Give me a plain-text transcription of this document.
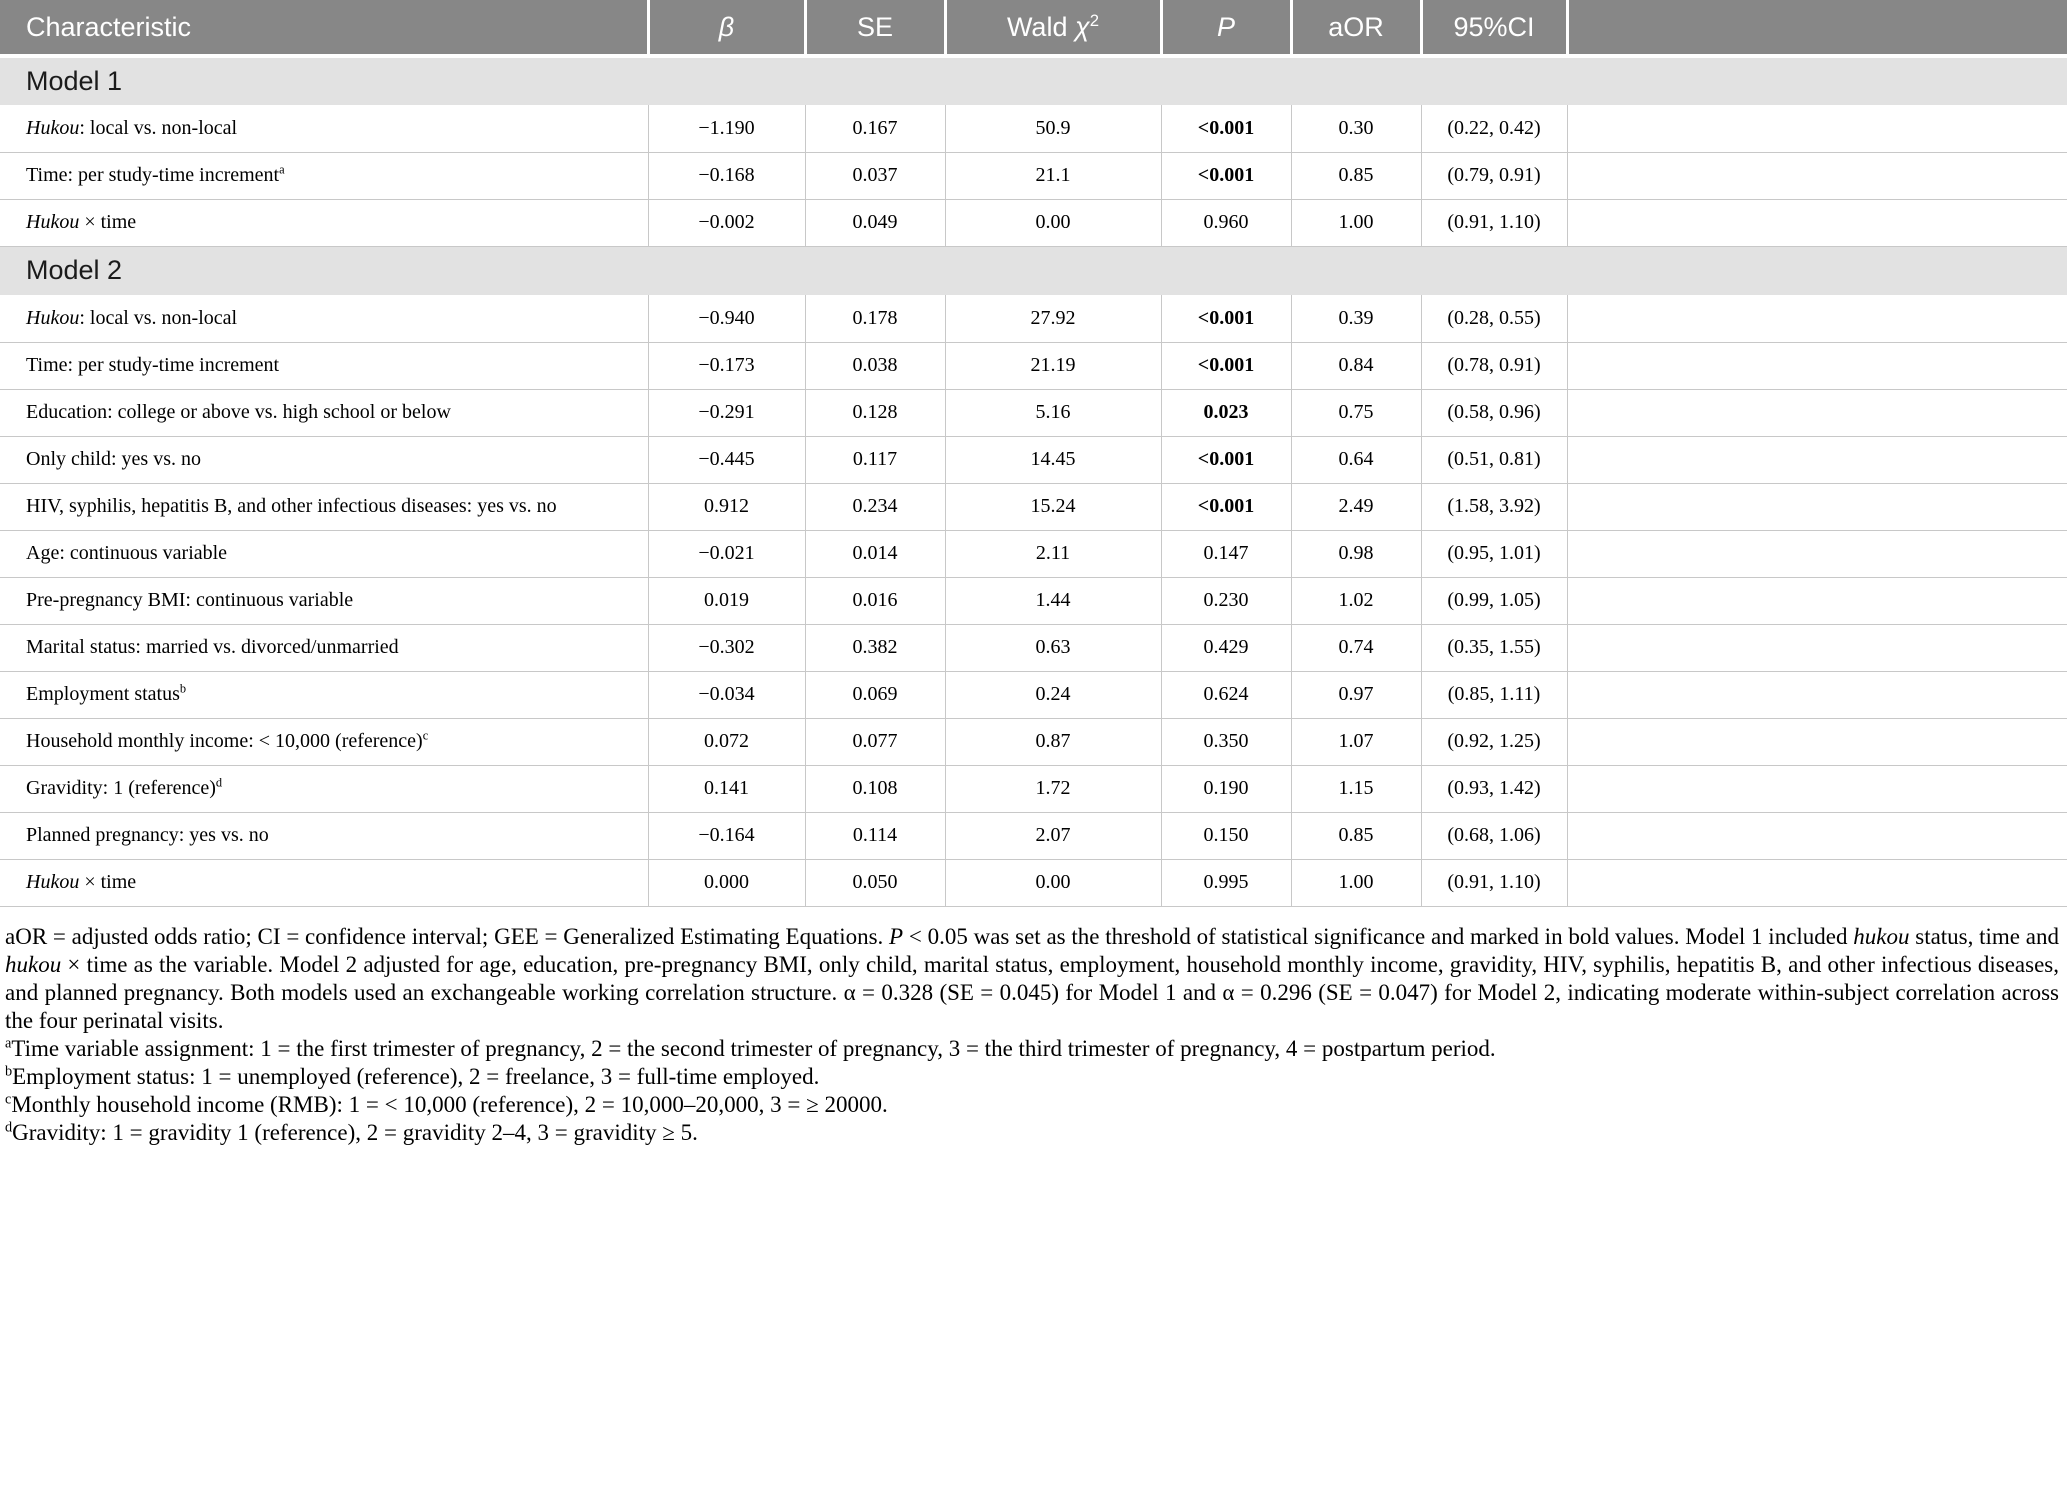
Characteristic	β	SE	Wald $\chi^2$	P	aOR	95%CI	
Model 1							
Hukou: local vs. non-local	−1.190	0.167	50.9	<0.001	0.30	(0.22, 0.42)	
Time: per study-time increment$^a$	−0.168	0.037	21.1	<0.001	0.85	(0.79, 0.91)	
Hukou × time	−0.002	0.049	0.00	0.960	1.00	(0.91, 1.10)	
Model 2							
Hukou: local vs. non-local	−0.940	0.178	27.92	<0.001	0.39	(0.28, 0.55)	
Time: per study-time increment	−0.173	0.038	21.19	<0.001	0.84	(0.78, 0.91)	
Education: college or above vs. high school or below	−0.291	0.128	5.16	0.023	0.75	(0.58, 0.96)	
Only child: yes vs. no	−0.445	0.117	14.45	<0.001	0.64	(0.51, 0.81)	
HIV, syphilis, hepatitis B, and other infectious diseases: yes vs. no	0.912	0.234	15.24	<0.001	2.49	(1.58, 3.92)	
Age: continuous variable	−0.021	0.014	2.11	0.147	0.98	(0.95, 1.01)	
Pre-pregnancy BMI: continuous variable	0.019	0.016	1.44	0.230	1.02	(0.99, 1.05)	
Marital status: married vs. divorced/unmarried	−0.302	0.382	0.63	0.429	0.74	(0.35, 1.55)	
Employment status$^b$	−0.034	0.069	0.24	0.624	0.97	(0.85, 1.11)	
Household monthly income: < 10,000 (reference)$^c$	0.072	0.077	0.87	0.350	1.07	(0.92, 1.25)	
Gravidity: 1 (reference)$^d$	0.141	0.108	1.72	0.190	1.15	(0.93, 1.42)	
Planned pregnancy: yes vs. no	−0.164	0.114	2.07	0.150	0.85	(0.68, 1.06)	
Hukou × time	0.000	0.050	0.00	0.995	1.00	(0.91, 1.10)	

aOR = adjusted odds ratio; CI = confidence interval; GEE = Generalized Estimating Equations. P < 0.05 was set as the threshold of statistical significance and marked in bold values. Model 1 included hukou status, time and hukou × time as the variable. Model 2 adjusted for age, education, pre-pregnancy BMI, only child, marital status, employment, household monthly income, gravidity, HIV, syphilis, hepatitis B, and other infectious diseases, and planned pregnancy. Both models used an exchangeable working correlation structure. α = 0.328 (SE = 0.045) for Model 1 and α = 0.296 (SE = 0.047) for Model 2, indicating moderate within-subject correlation across the four perinatal visits.

$^a$Time variable assignment: 1 = the first trimester of pregnancy, 2 = the second trimester of pregnancy, 3 = the third trimester of pregnancy, 4 = postpartum period.

$^b$Employment status: 1 = unemployed (reference), 2 = freelance, 3 = full-time employed.

$^c$Monthly household income (RMB): 1 = < 10,000 (reference), 2 = 10,000–20,000, 3 = ≥ 20000.

$^d$Gravidity: 1 = gravidity 1 (reference), 2 = gravidity 2–4, 3 = gravidity ≥ 5.
